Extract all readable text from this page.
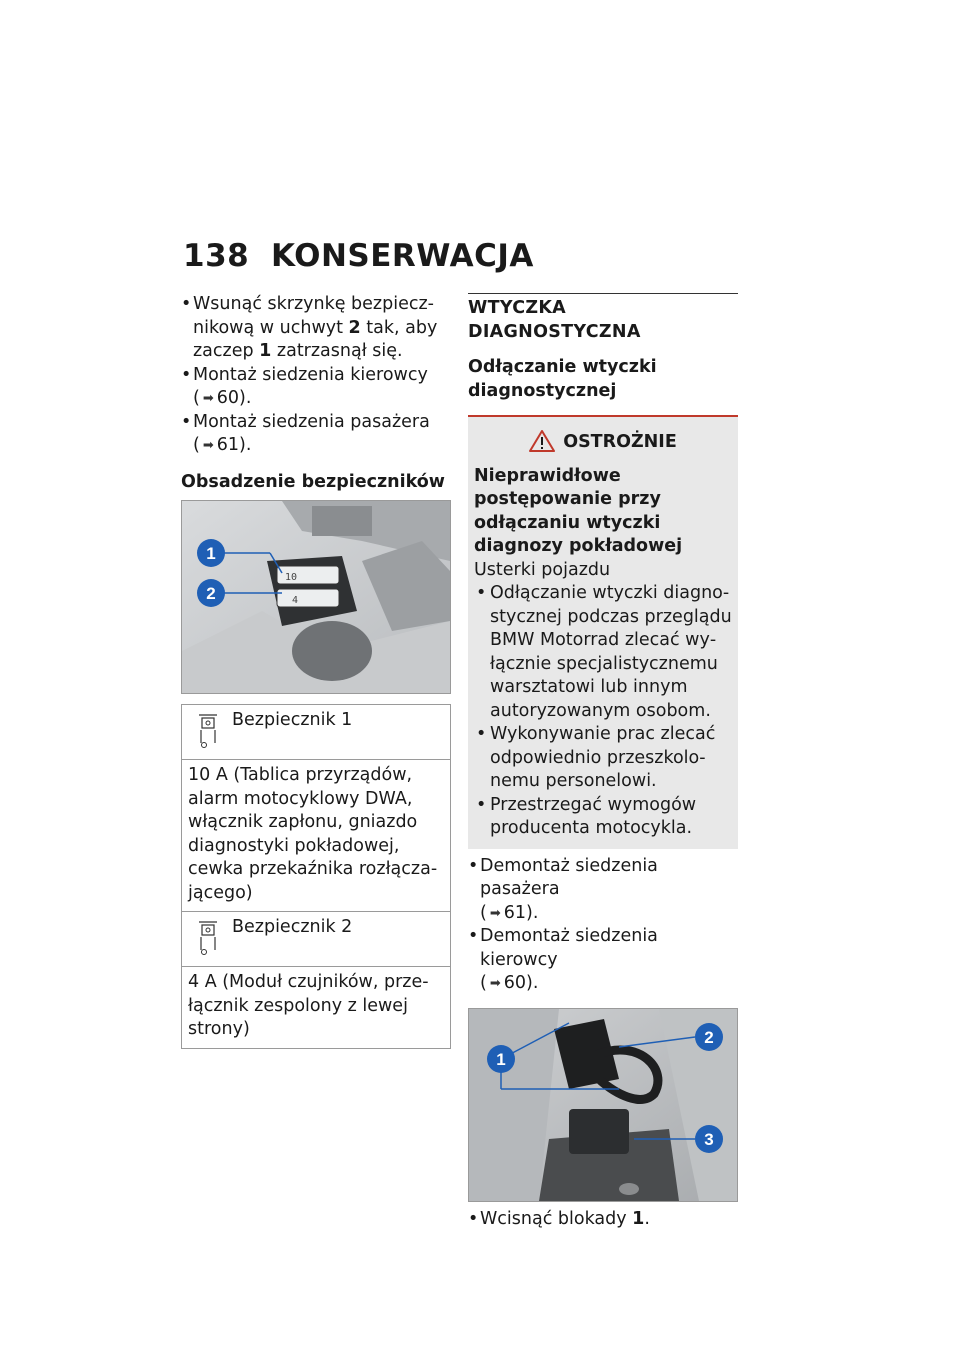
138 KONSERWACJA
• Wsunąć skrzynkę bezpiecznikową w uchwyt 2 tak, aby zaczep 1 zatrzasnął się.
• Montaż siedzenia kierowcy
( ➡ 60).
• Montaż siedzenia pasażera
( ➡ 61).
Obsadzenie bezpieczników
10
4
1
2
Bezpiecznik 1
10 A (Tablica przyrządów, alarm motocyklowy DWA, włącznik zapłonu, gniazdo diagnostyki pokładowej, cewka przekaźnika rozłączającego)
Bezpiecznik 2
4 A (Moduł czujników, przełącznik zespolony z lewej strony)
WTYCZKA DIAGNOSTYCZNA
Odłączanie wtyczki diagnostycznej
OSTROŻNIE
Nieprawidłowe postępowanie przy odłączaniu wtyczki diagnozy pokładowej
Usterki pojazdu
• Odłączanie wtyczki diagnostycznej podczas przeglądu BMW Motorrad zlecać wyłącznie specjalistycznemu warsztatowi lub innym autoryzowanym osobom.
• Wykonywanie prac zlecać odpowiednio przeszkolonemu personelowi.
• Przestrzegać wymogów producenta motocykla.
• Demontaż siedzenia pasażera
( ➡ 61).
• Demontaż siedzenia kierowcy
( ➡ 60).
1
2
3
• Wcisnąć blokady 1.
